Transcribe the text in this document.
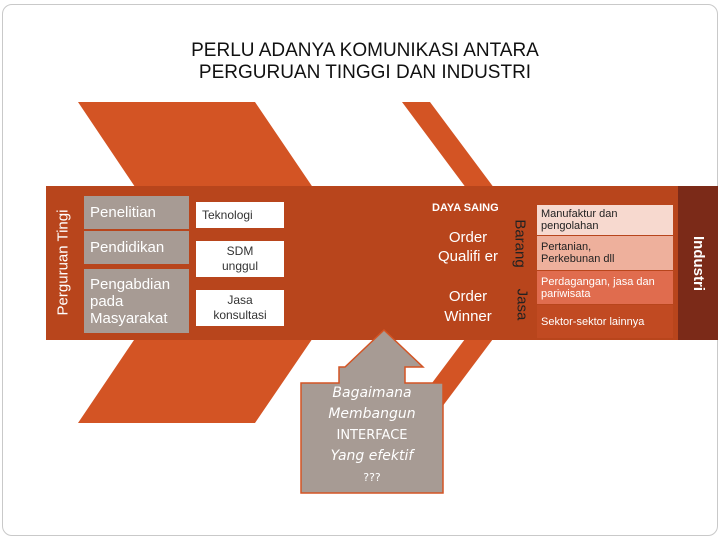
PERLU ADANYA KOMUNIKASI ANTARA
PERGURUAN TINGGI DAN INDUSTRI
Perguruan Tingi Penelitian
Pendidikan
Pengabdian pada Masyarakat
Teknologi
SDM unggul
Jasa konsultasi
DAYA SAING
Order Qualifi er
Order Winner
Barang
Jasa
Manufaktur dan pengolahan
Pertanian, Perkebunan dll
Perdagangan, jasa dan pariwisata
Sektor-sektor lainnya
Industri
Bagaimana
Membangun
INTERFACE
Yang efektif
???
